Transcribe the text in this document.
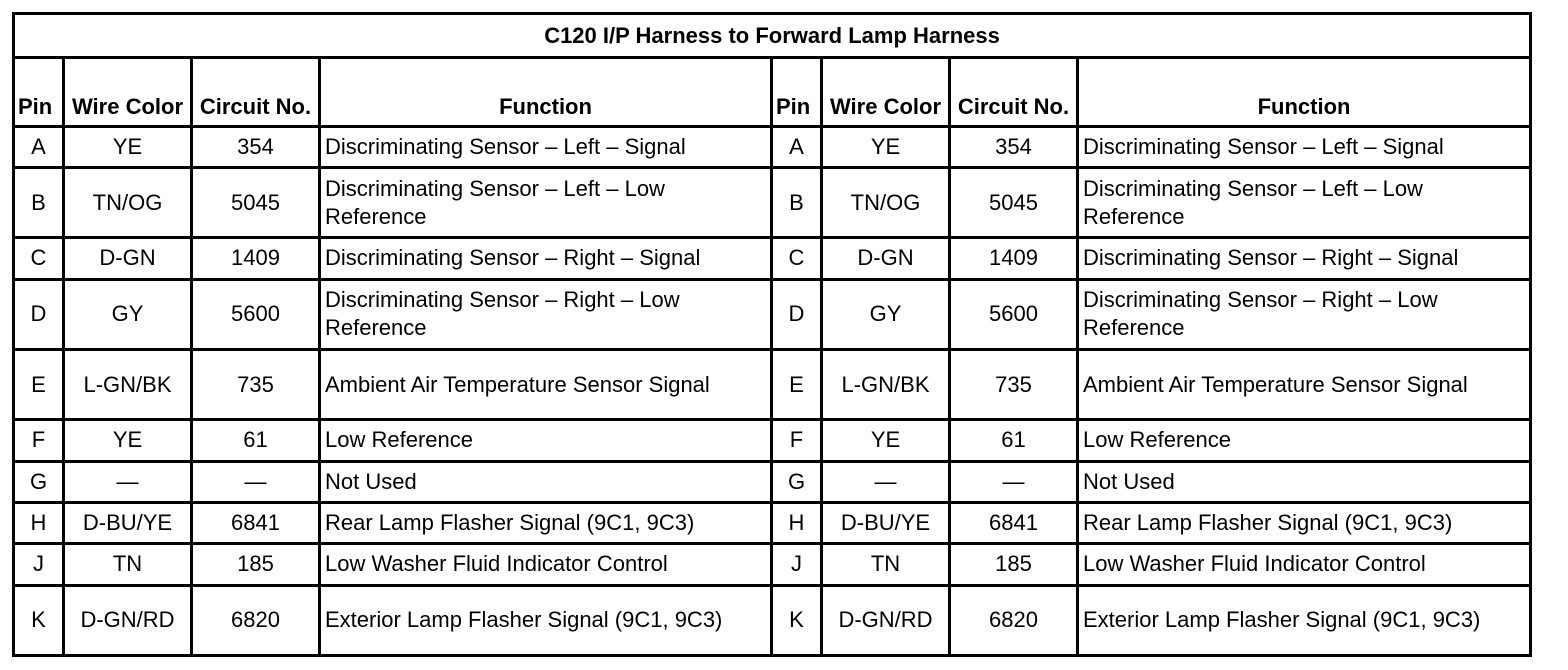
C120 I/P Harness to Forward Lamp Harness							
Pin	Wire Color	Circuit No.	Function	Pin	Wire Color	Circuit No.	Function
A	YE	354	Discriminating Sensor – Left – Signal	A	YE	354	Discriminating Sensor – Left – Signal
B	TN/OG	5045	Discriminating Sensor – Left – Low Reference	B	TN/OG	5045	Discriminating Sensor – Left – Low Reference
C	D-GN	1409	Discriminating Sensor – Right – Signal	C	D-GN	1409	Discriminating Sensor – Right – Signal
D	GY	5600	Discriminating Sensor – Right – Low Reference	D	GY	5600	Discriminating Sensor – Right – Low Reference
E	L-GN/BK	735	Ambient Air Temperature Sensor Signal	E	L-GN/BK	735	Ambient Air Temperature Sensor Signal
F	YE	61	Low Reference	F	YE	61	Low Reference
G	—	—	Not Used	G	—	—	Not Used
H	D-BU/YE	6841	Rear Lamp Flasher Signal (9C1, 9C3)	H	D-BU/YE	6841	Rear Lamp Flasher Signal (9C1, 9C3)
J	TN	185	Low Washer Fluid Indicator Control	J	TN	185	Low Washer Fluid Indicator Control
K	D-GN/RD	6820	Exterior Lamp Flasher Signal (9C1, 9C3)	K	D-GN/RD	6820	Exterior Lamp Flasher Signal (9C1, 9C3)
